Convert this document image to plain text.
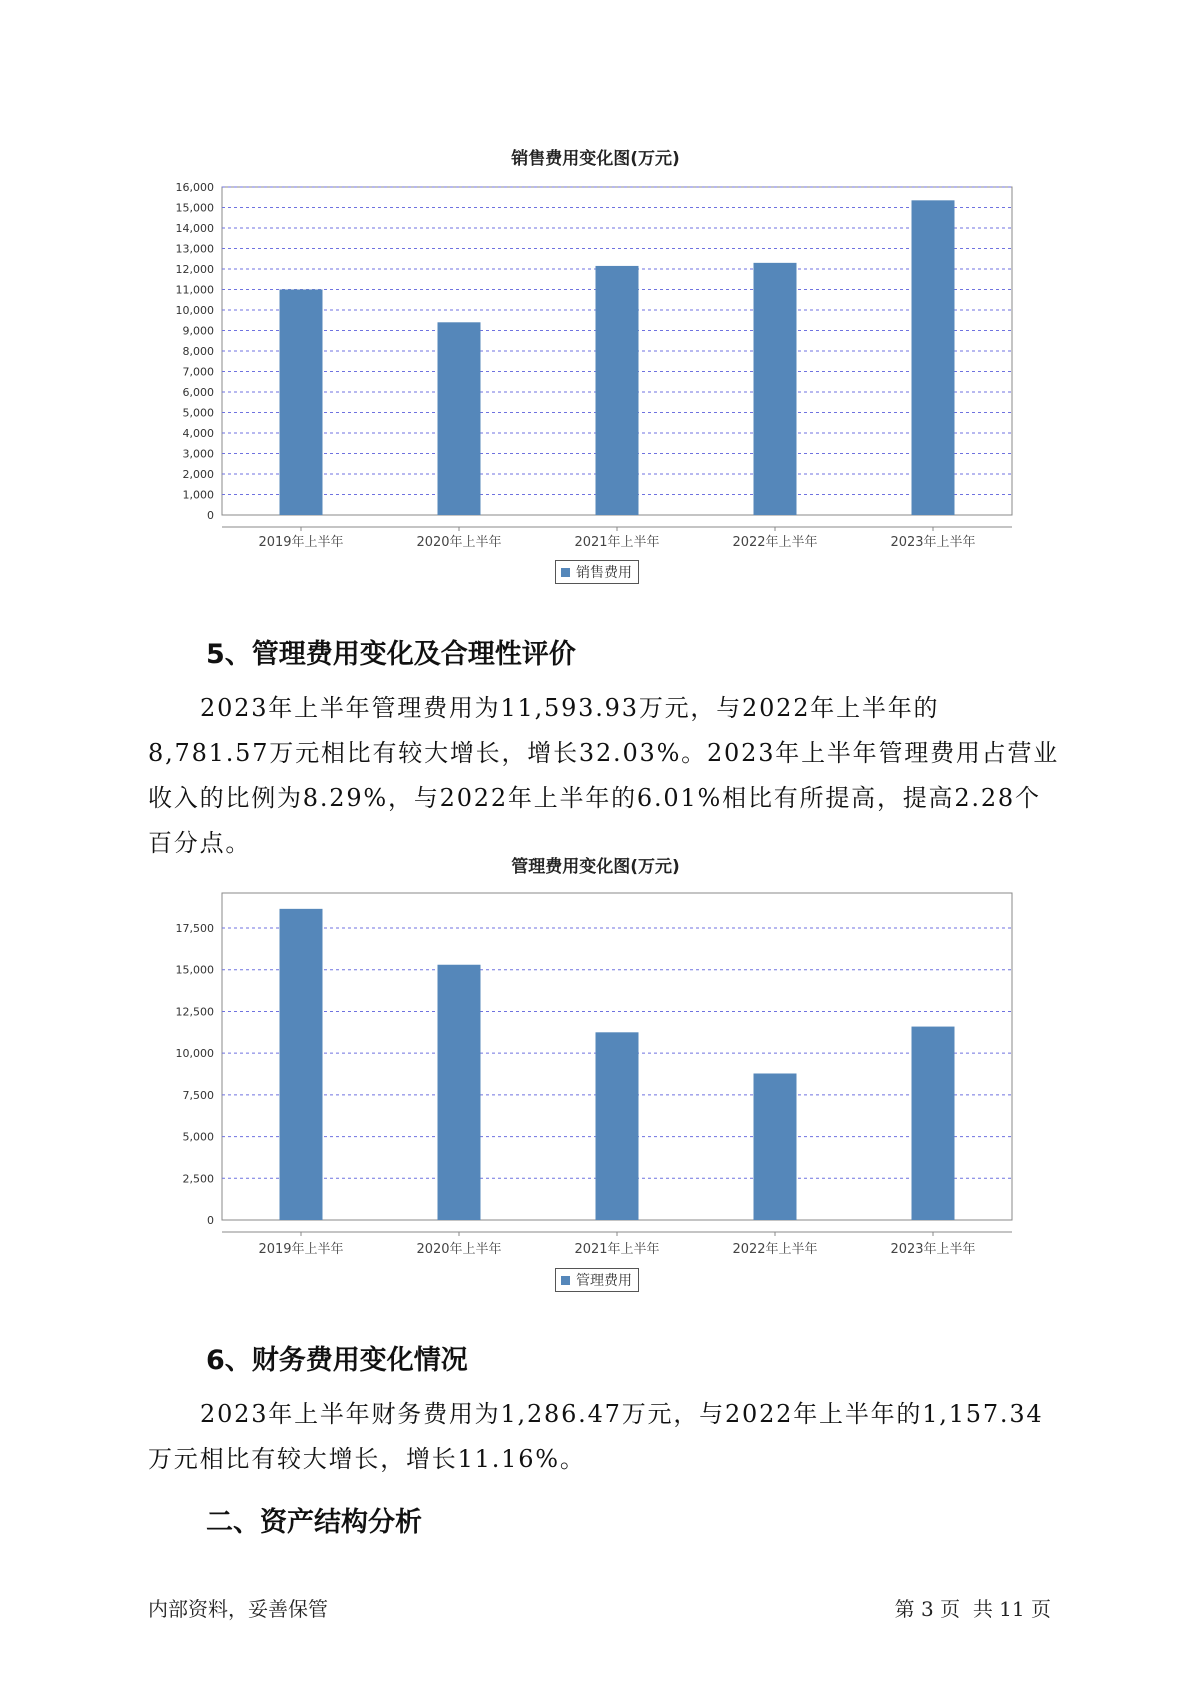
销售费用变化图(万元)
0
1,000
2,000
3,000
4,000
5,000
6,000
7,000
8,000
9,000
10,000
11,000
12,000
13,000
14,000
15,000
16,000
2019年上半年	2020年上半年	2021年上半年	2022年上半年	2023年上半年
销售费用
5、管理费用变化及合理性评价

2023年上半年管理费用为11,593.93万元，与2022年上半年的8,781.57万元相比有较大增长，增长32.03%。2023年上半年管理费用占营业收入的比例为8.29%，与2022年上半年的6.01%相比有所提高，提高2.28个百分点。

管理费用变化图(万元)
0
2,500
5,000
7,500
10,000
12,500
15,000
17,500
2019年上半年	2020年上半年	2021年上半年	2022年上半年	2023年上半年
管理费用
6、财务费用变化情况

2023年上半年财务费用为1,286.47万元，与2022年上半年的1,157.34万元相比有较大增长，增长11.16%。

二、资产结构分析
内部资料，妥善保管	第 3 页  共 11 页
